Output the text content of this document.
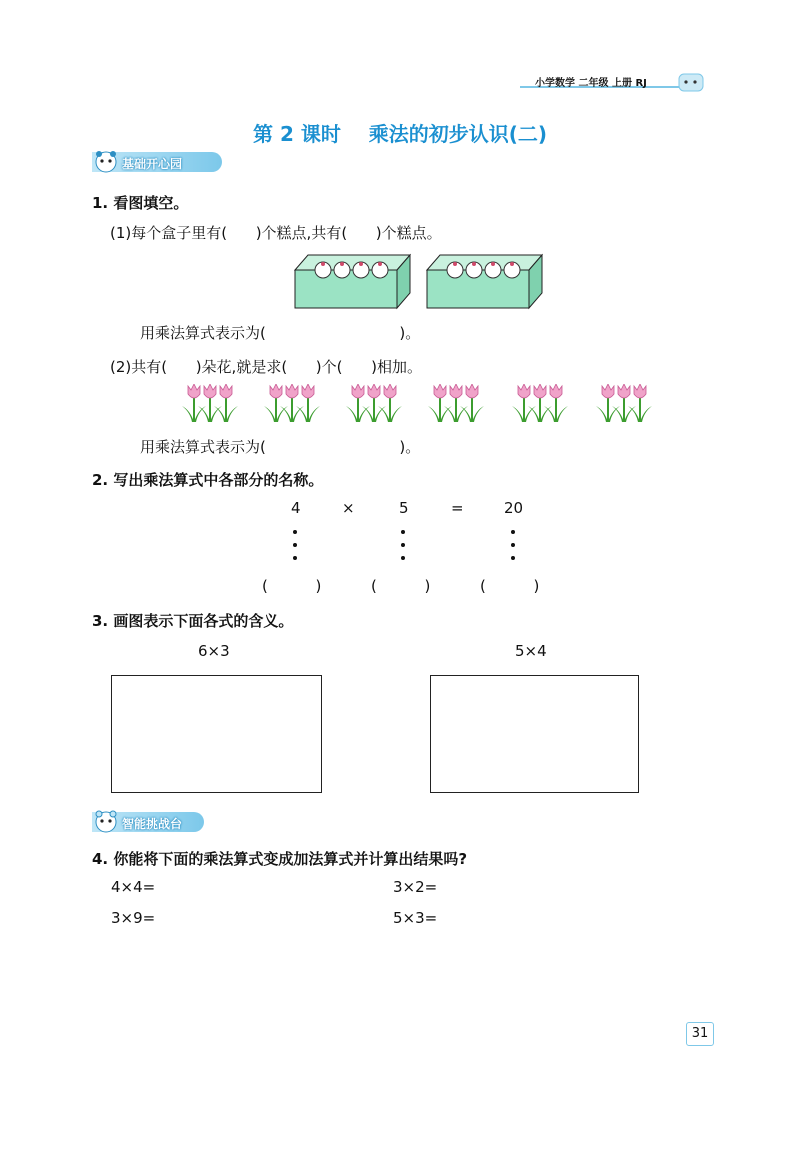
小学数学 二年级 上册 RJ
第 2 课时    乘法的初步认识(二)
基础开心园
1. 看图填空。
(1)每个盒子里有(      )个糕点,共有(      )个糕点。
用乘法算式表示为(                            )。
(2)共有(      )朵花,就是求(      )个(      )相加。
用乘法算式表示为(                            )。
2. 写出乘法算式中各部分的名称。
4	×	5	=	20
(          )	(          )	(          )
3. 画图表示下面各式的含义。
6×3	5×4
智能挑战台
4. 你能将下面的乘法算式变成加法算式并计算出结果吗?
4×4=	3×2=
3×9=	5×3=
31
